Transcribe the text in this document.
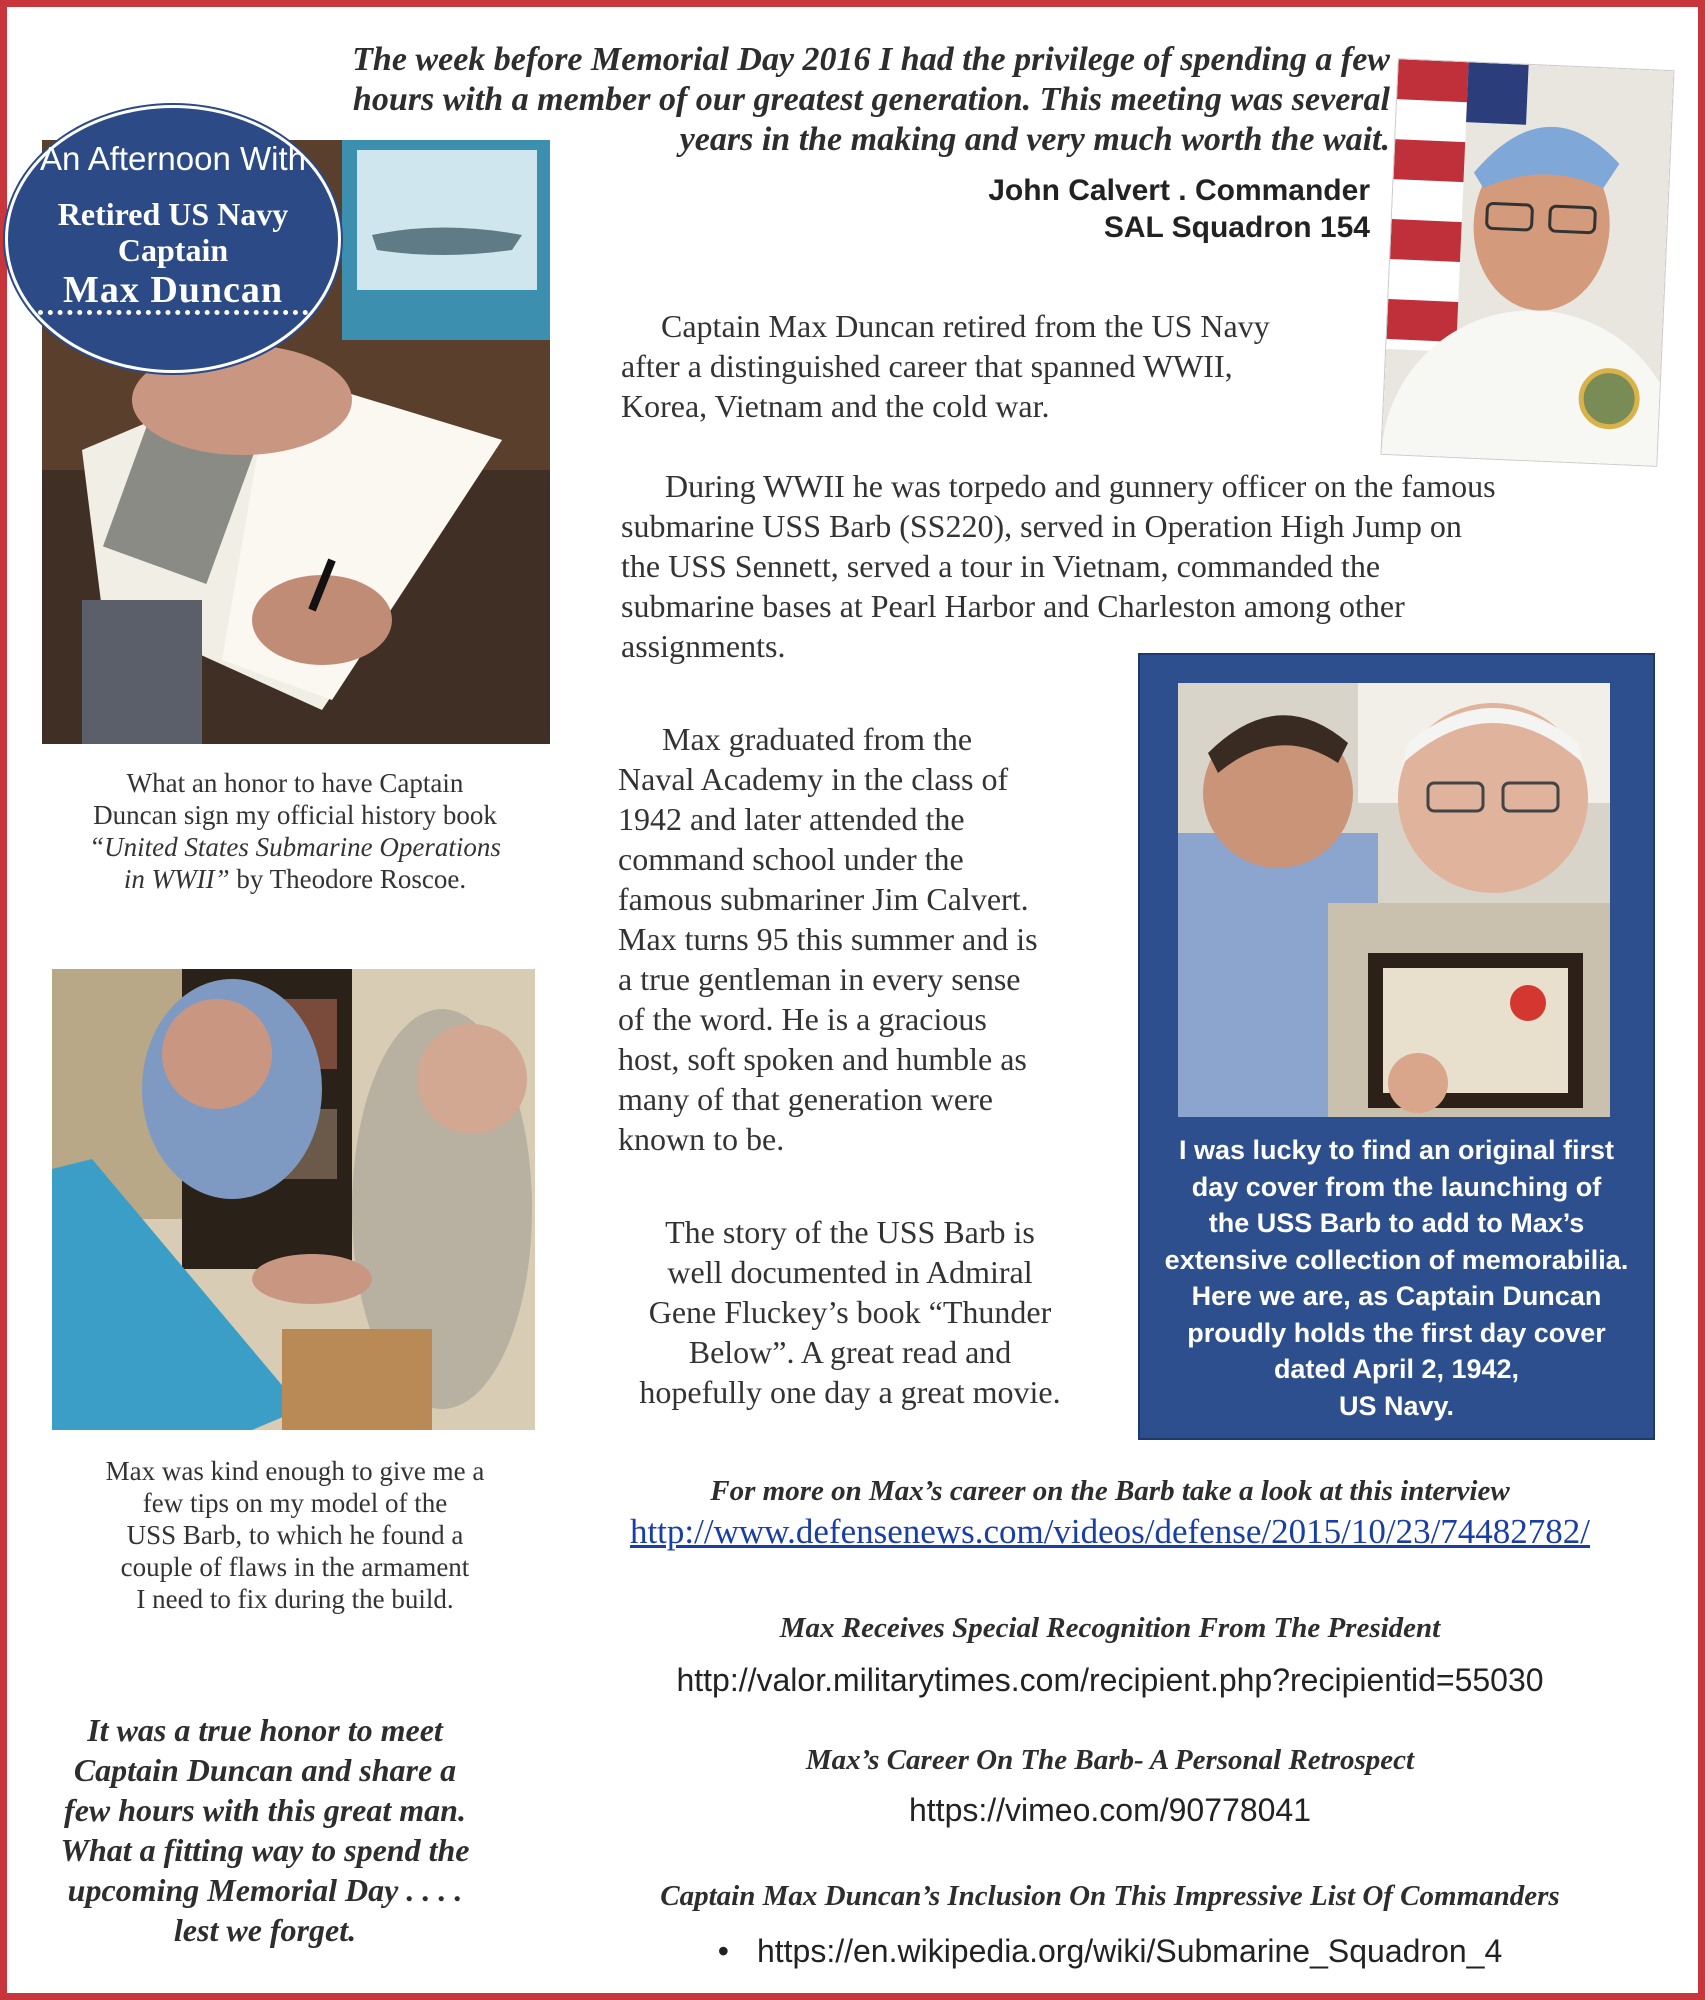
The week before Memorial Day 2016 I had the privilege of spending a few
hours with a member of our greatest generation. This meeting was several
years in the making and very much worth the wait.
John Calvert . Commander
SAL Squadron 154
An Afternoon With
Retired US Navy
Captain
Max Duncan
What an honor to have Captain
Duncan sign my official history book
“United States Submarine Operations
in WWII” by Theodore Roscoe.
Max was kind enough to give me a
few tips on my model of the
USS Barb, to which he found a
couple of flaws in the armament
I need to fix during the build.
It was a true honor to meet
Captain Duncan and share a
few hours with this great man.
What a fitting way to spend the
upcoming Memorial Day . . . .
lest we forget.
Captain Max Duncan retired from the US Navy
after a distinguished career that spanned WWII,
Korea, Vietnam and the cold war.
During WWII he was torpedo and gunnery officer on the famous
submarine USS Barb (SS220), served in Operation High Jump on
the USS Sennett, served a tour in Vietnam, commanded the
submarine bases at Pearl Harbor and Charleston among other
assignments.
Max graduated from the
Naval Academy in the class of
1942 and later attended the
command school under the
famous submariner Jim Calvert.
Max turns 95 this summer and is
a true gentleman in every sense
of the word. He is a gracious
host, soft spoken and humble as
many of that generation were
known to be.
The story of the USS Barb is
well documented in Admiral
Gene Fluckey’s book “Thunder
Below”. A great read and
hopefully one day a great movie.
I was lucky to find an original first
day cover from the launching of
the USS Barb to add to Max’s
extensive collection of memorabilia.
Here we are, as Captain Duncan
proudly holds the first day cover
dated April 2, 1942,
US Navy.
For more on Max’s career on the Barb take a look at this interview
http://www.defensenews.com/videos/defense/2015/10/23/74482782/
Max Receives Special Recognition From The President
http://valor.militarytimes.com/recipient.php?recipientid=55030
Max’s Career On The Barb- A Personal Retrospect
https://vimeo.com/90778041
Captain Max Duncan’s Inclusion On This Impressive List Of Commanders
• https://en.wikipedia.org/wiki/Submarine_Squadron_4
